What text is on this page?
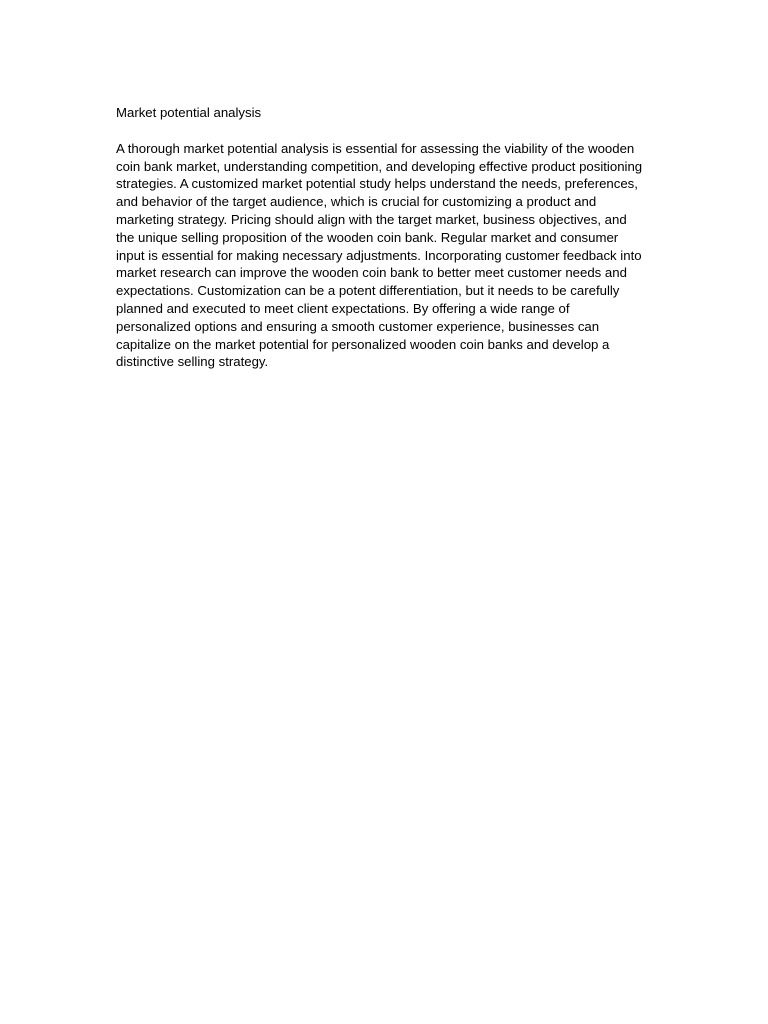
Market potential analysis

A thorough market potential analysis is essential for assessing the viability of the wooden coin bank market, understanding competition, and developing effective product positioning strategies. A customized market potential study helps understand the needs, preferences, and behavior of the target audience, which is crucial for customizing a product and marketing strategy. Pricing should align with the target market, business objectives, and the unique selling proposition of the wooden coin bank. Regular market and consumer input is essential for making necessary adjustments. Incorporating customer feedback into market research can improve the wooden coin bank to better meet customer needs and expectations. Customization can be a potent differentiation, but it needs to be carefully planned and executed to meet client expectations. By offering a wide range of personalized options and ensuring a smooth customer experience, businesses can capitalize on the market potential for personalized wooden coin banks and develop a distinctive selling strategy.
